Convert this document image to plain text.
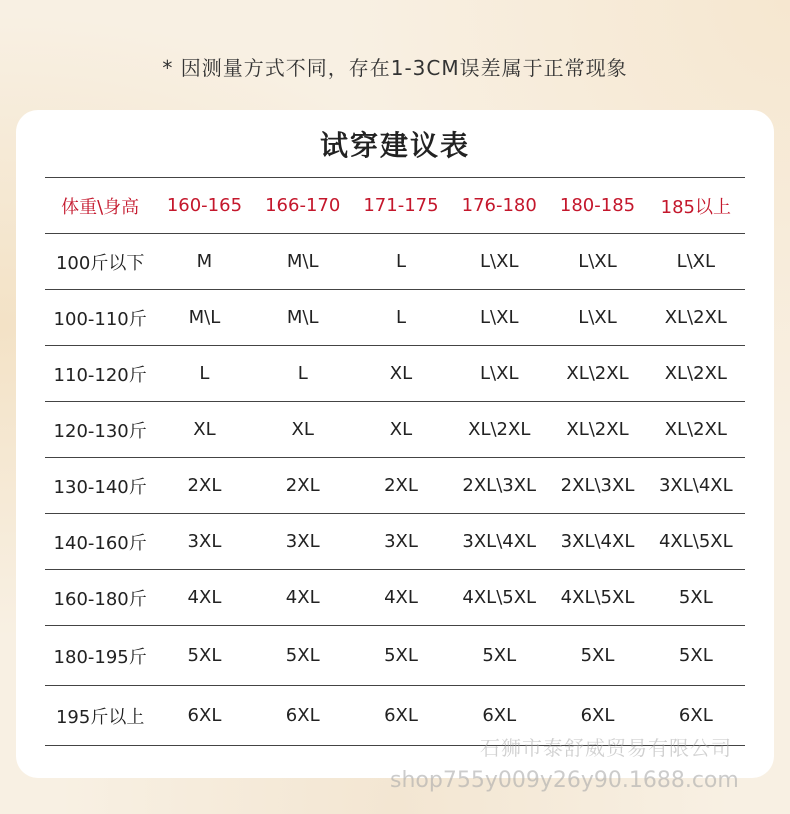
* 因测量方式不同，存在1-3CM误差属于正常现象
试穿建议表
体重\身高	160-165	166-170	171-175	176-180	180-185	185以上
100斤以下	M	M\L	L	L\XL	L\XL	L\XL
100-110斤	M\L	M\L	L	L\XL	L\XL	XL\2XL
110-120斤	L	L	XL	L\XL	XL\2XL	XL\2XL
120-130斤	XL	XL	XL	XL\2XL	XL\2XL	XL\2XL
130-140斤	2XL	2XL	2XL	2XL\3XL	2XL\3XL	3XL\4XL
140-160斤	3XL	3XL	3XL	3XL\4XL	3XL\4XL	4XL\5XL
160-180斤	4XL	4XL	4XL	4XL\5XL	4XL\5XL	5XL
180-195斤	5XL	5XL	5XL	5XL	5XL	5XL
195斤以上	6XL	6XL	6XL	6XL	6XL	6XL
石狮市泰舒威贸易有限公司
shop755y009y26y90.1688.com
